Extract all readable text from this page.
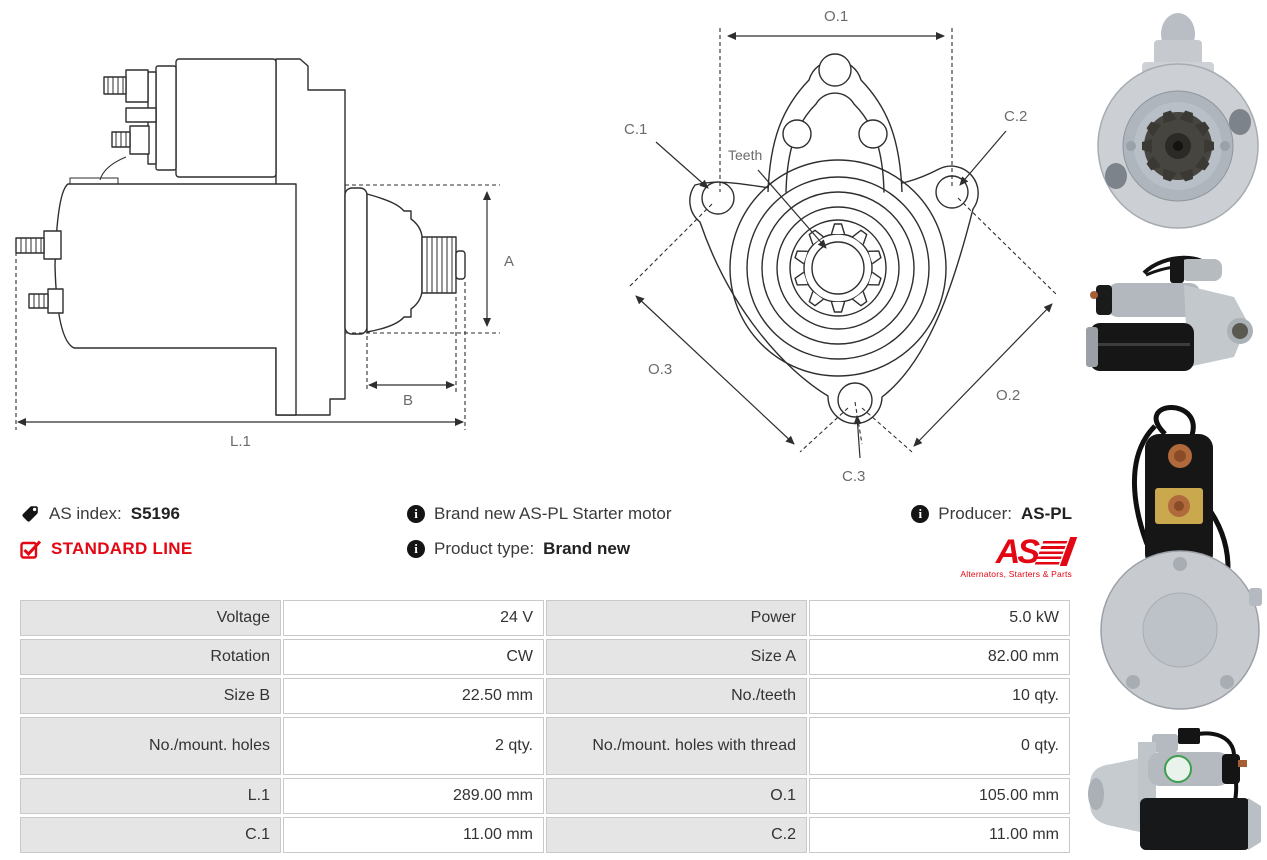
A
B
L.1
O.1
C.1
C.2
Teeth
C.3
O.3
O.2
AS index: S5196
STANDARD LINE
i Brand new AS-PL Starter motor
i Product type: Brand new
i Producer: AS-PL
AS
Alternators, Starters & Parts
Voltage	24 V	Power	5.0 kW
Rotation	CW	Size A	82.00 mm
Size B	22.50 mm	No./teeth	10 qty.
No./mount. holes	2 qty.	No./mount. holes with thread	0 qty.
L.1	289.00 mm	O.1	105.00 mm
C.1	11.00 mm	C.2	11.00 mm
